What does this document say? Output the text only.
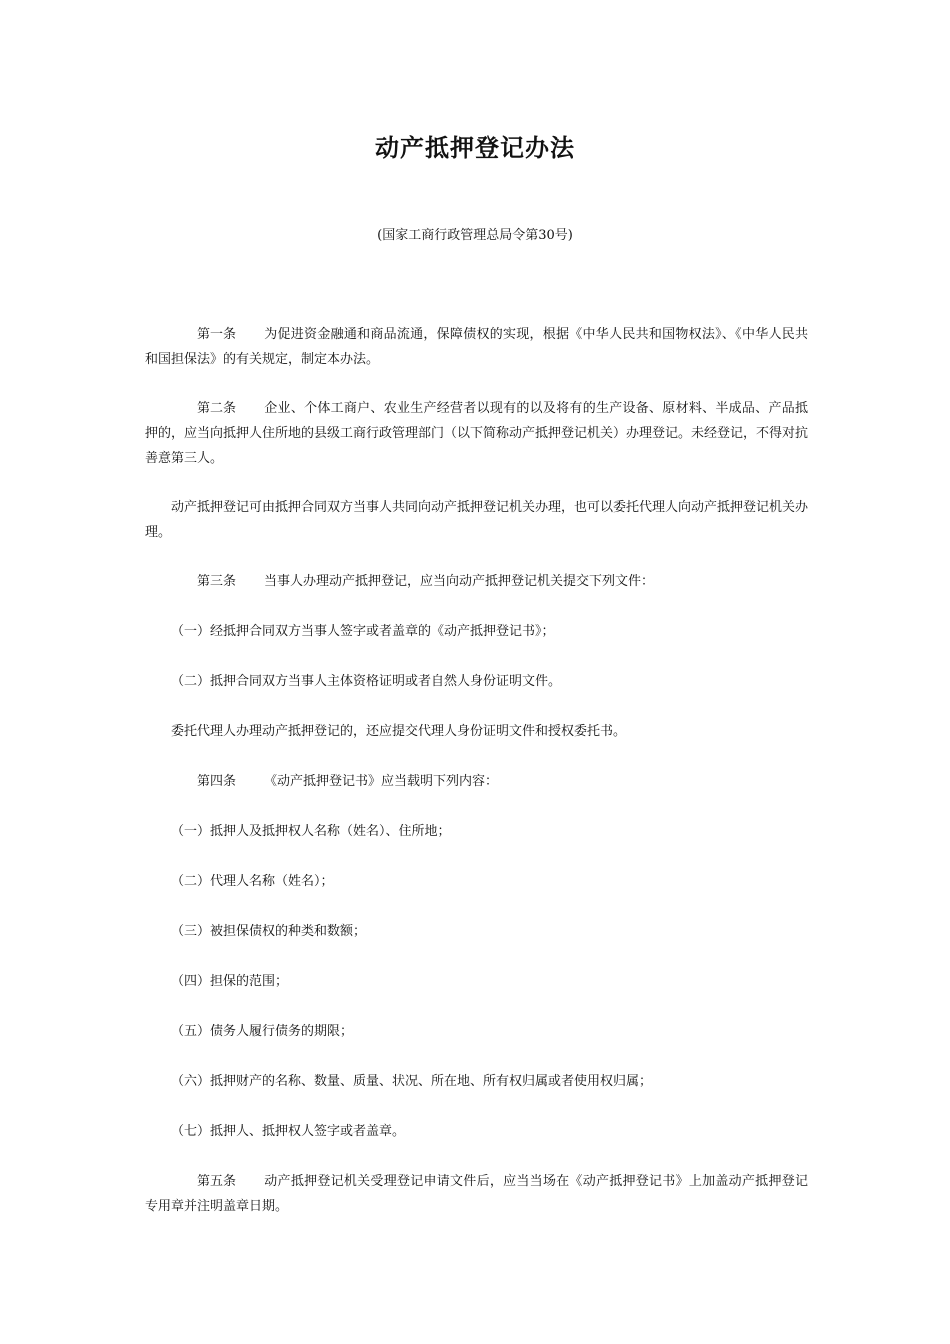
动产抵押登记办法
(国家工商行政管理总局令第30号)

第一条 为促进资金融通和商品流通，保障债权的实现，根据《中华人民共和国物权法》、《中华人民共和国担保法》的有关规定，制定本办法。

第二条 企业、个体工商户、农业生产经营者以现有的以及将有的生产设备、原材料、半成品、产品抵押的，应当向抵押人住所地的县级工商行政管理部门（以下简称动产抵押登记机关）办理登记。未经登记，不得对抗善意第三人。

动产抵押登记可由抵押合同双方当事人共同向动产抵押登记机关办理，也可以委托代理人向动产抵押登记机关办理。

第三条 当事人办理动产抵押登记，应当向动产抵押登记机关提交下列文件：

（一）经抵押合同双方当事人签字或者盖章的《动产抵押登记书》；

（二）抵押合同双方当事人主体资格证明或者自然人身份证明文件。

委托代理人办理动产抵押登记的，还应提交代理人身份证明文件和授权委托书。

第四条 《动产抵押登记书》应当载明下列内容：

（一）抵押人及抵押权人名称（姓名）、住所地；

（二）代理人名称（姓名）；

（三）被担保债权的种类和数额；

（四）担保的范围；

（五）债务人履行债务的期限；

（六）抵押财产的名称、数量、质量、状况、所在地、所有权归属或者使用权归属；

（七）抵押人、抵押权人签字或者盖章。

第五条 动产抵押登记机关受理登记申请文件后，应当当场在《动产抵押登记书》上加盖动产抵押登记专用章并注明盖章日期。
